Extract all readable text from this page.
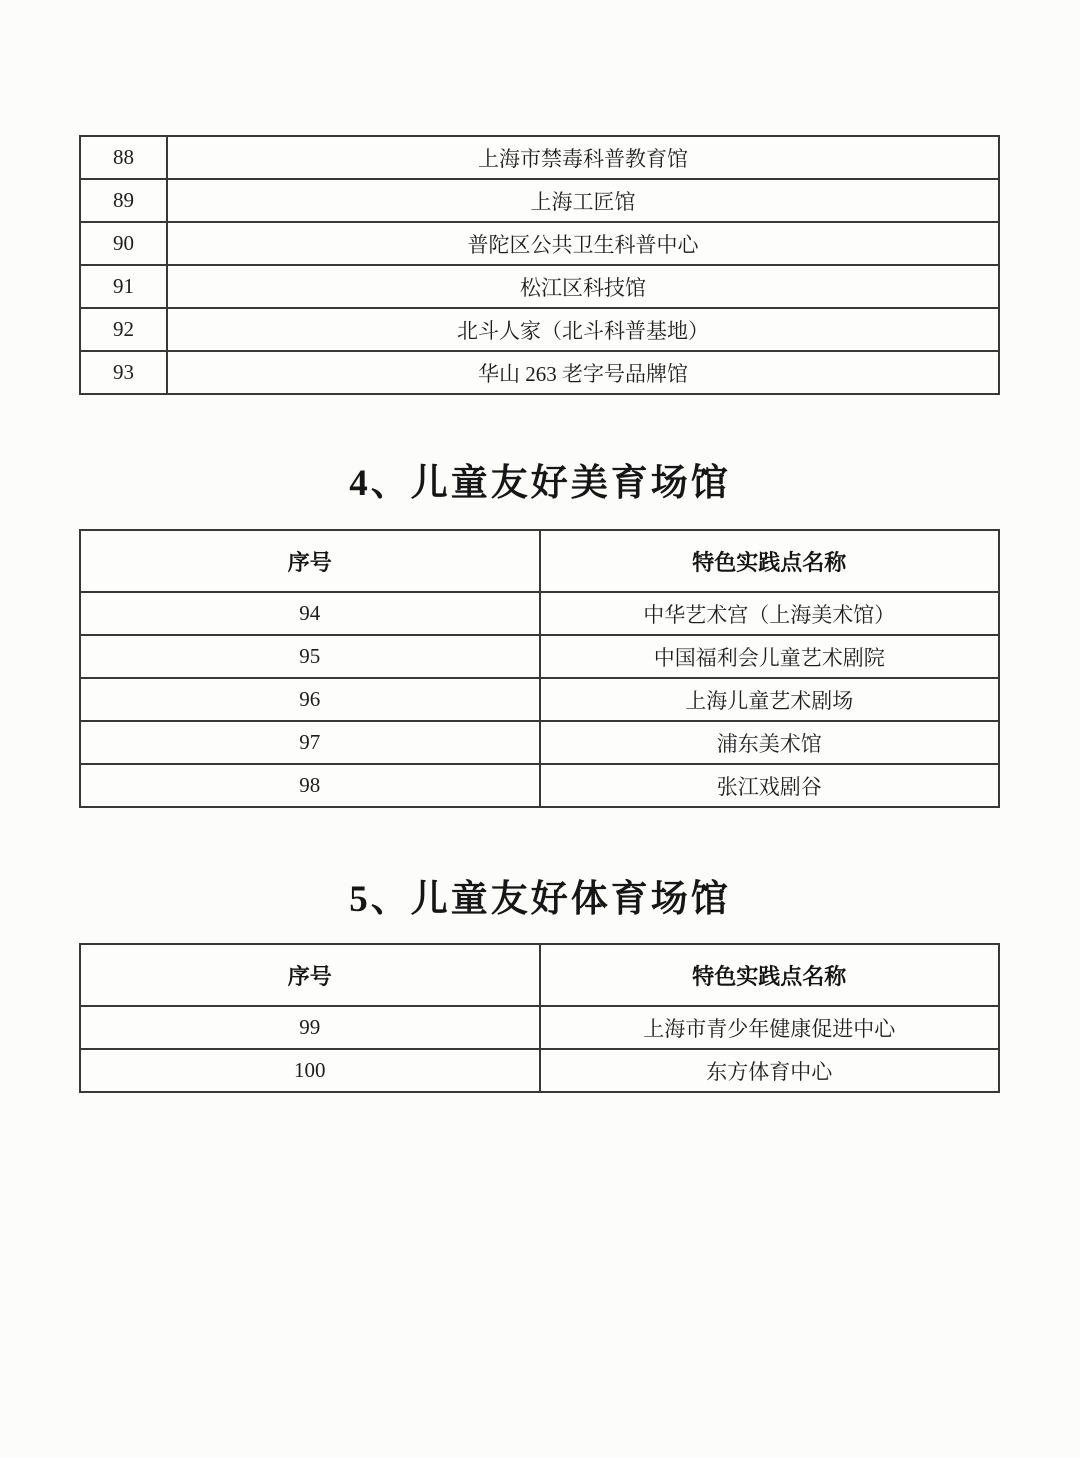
88	上海市禁毒科普教育馆
89	上海工匠馆
90	普陀区公共卫生科普中心
91	松江区科技馆
92	北斗人家（北斗科普基地）
93	华山 263 老字号品牌馆
4、儿童友好美育场馆
序号	特色实践点名称
94	中华艺术宫（上海美术馆）
95	中国福利会儿童艺术剧院
96	上海儿童艺术剧场
97	浦东美术馆
98	张江戏剧谷
5、儿童友好体育场馆
序号	特色实践点名称
99	上海市青少年健康促进中心
100	东方体育中心
